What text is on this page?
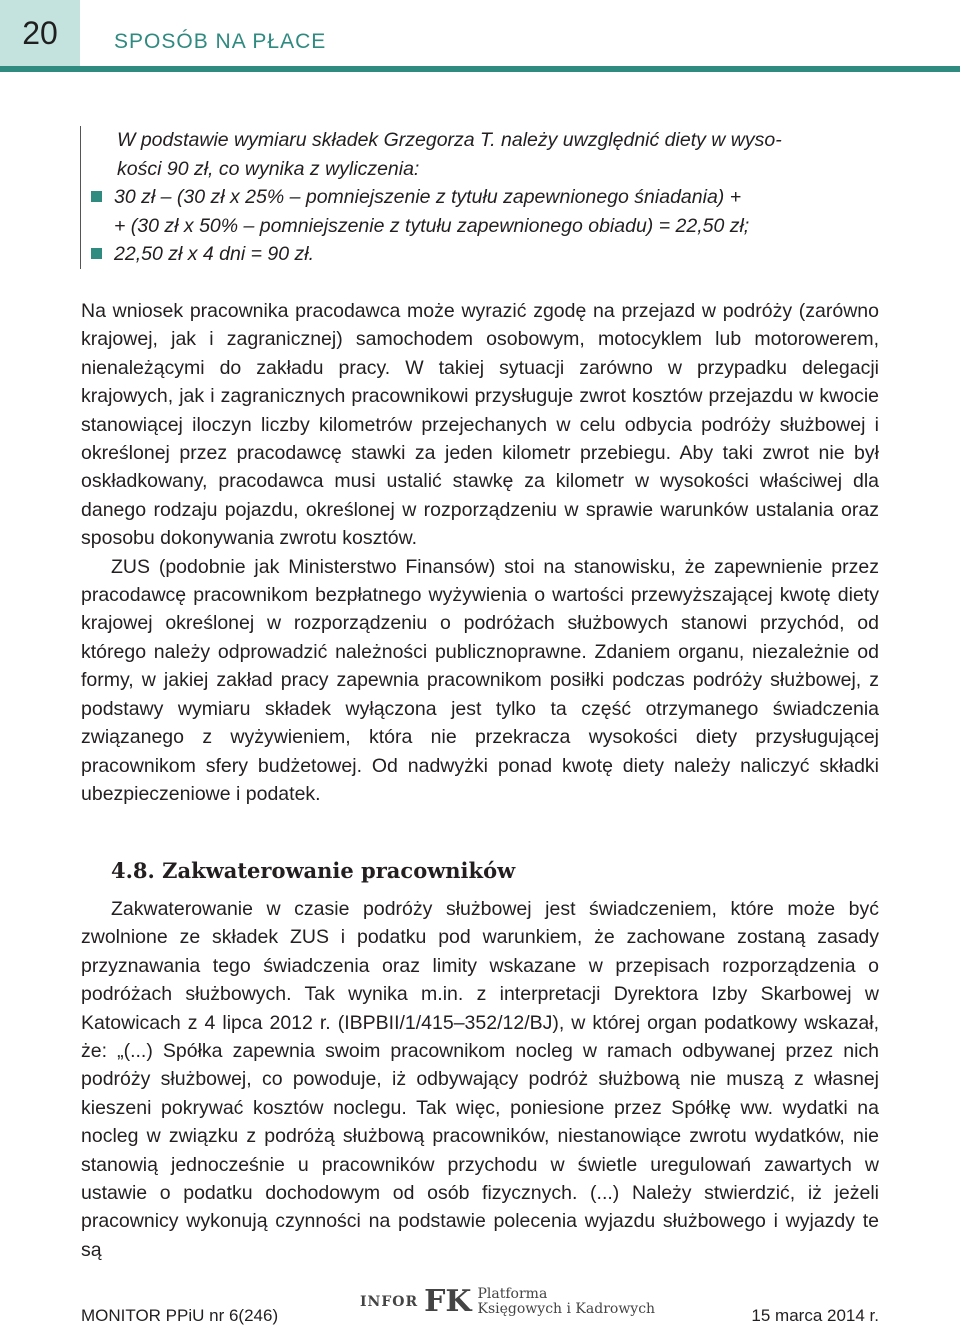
20	SPOSÓB NA PŁACE

W podstawie wymiaru składek Grzegorza T. należy uwzględnić diety w wyso-

kości 90 zł, co wynika z wyliczenia:

30 zł – (30 zł x 25% – pomniejszenie z tytułu zapewnionego śniadania) +

+ (30 zł x 50% – pomniejszenie z tytułu zapewnionego obiadu) = 22,50 zł;

22,50 zł x 4 dni = 90 zł.

Na wniosek pracownika pracodawca może wyrazić zgodę na przejazd w podróży (zarówno krajowej, jak i zagranicznej) samochodem osobowym, motocyklem lub motorowerem, nienależącymi do zakładu pracy. W takiej sytuacji zarówno w przypadku delegacji krajowych, jak i zagranicznych pracownikowi przysługuje zwrot kosztów przejazdu w kwocie stanowiącej iloczyn liczby kilometrów przejechanych w celu odbycia podróży służbowej i określonej przez pracodawcę stawki za jeden kilometr przebiegu. Aby taki zwrot nie był oskładkowany, pracodawca musi ustalić stawkę za kilometr w wysokości właściwej dla danego rodzaju pojazdu, określonej w rozporządzeniu w sprawie warunków ustalania oraz sposobu dokonywania zwrotu kosztów.

ZUS (podobnie jak Ministerstwo Finansów) stoi na stanowisku, że zapewnienie przez pracodawcę pracownikom bezpłatnego wyżywienia o wartości przewyższającej kwotę diety krajowej określonej w rozporządzeniu o podróżach służbowych stanowi przychód, od którego należy odprowadzić należności publicznoprawne. Zdaniem organu, niezależnie od formy, w jakiej zakład pracy zapewnia pracownikom posiłki podczas podróży służbowej, z podstawy wymiaru składek wyłączona jest tylko ta część otrzymanego świadczenia związanego z wyżywieniem, która nie przekracza wysokości diety przysługującej pracownikom sfery budżetowej. Od nadwyżki ponad kwotę diety należy naliczyć składki ubezpieczeniowe i podatek.

4.8. Zakwaterowanie pracowników

Zakwaterowanie w czasie podróży służbowej jest świadczeniem, które może być zwolnione ze składek ZUS i podatku pod warunkiem, że zachowane zostaną zasady przyznawania tego świadczenia oraz limity wskazane w przepisach rozporządzenia o podróżach służbowych. Tak wynika m.in. z interpretacji Dyrektora Izby Skarbowej w Katowicach z 4 lipca 2012 r. (IBPBII/1/415–352/12/BJ), w której organ podatkowy wskazał, że: „(...) Spółka zapewnia swoim pracownikom nocleg w ramach odbywanej przez nich podróży służbowej, co powoduje, iż odbywający podróż służbową nie muszą z własnej kieszeni pokrywać kosztów noclegu. Tak więc, poniesione przez Spółkę ww. wydatki na nocleg w związku z podróżą służbową pracowników, niestanowiące zwrotu wydatków, nie stanowią jednocześnie u pracowników przychodu w świetle uregulowań zawartych w ustawie o podatku dochodowym od osób fizycznych. (...) Należy stwierdzić, iż jeżeli pracownicy wykonują czynności na podstawie polecenia wyjazdu służbowego i wyjazdy te są

MONITOR PPiU nr 6(246)
INFOR FK Platforma
Księgowych i Kadrowych	15 marca 2014 r.
